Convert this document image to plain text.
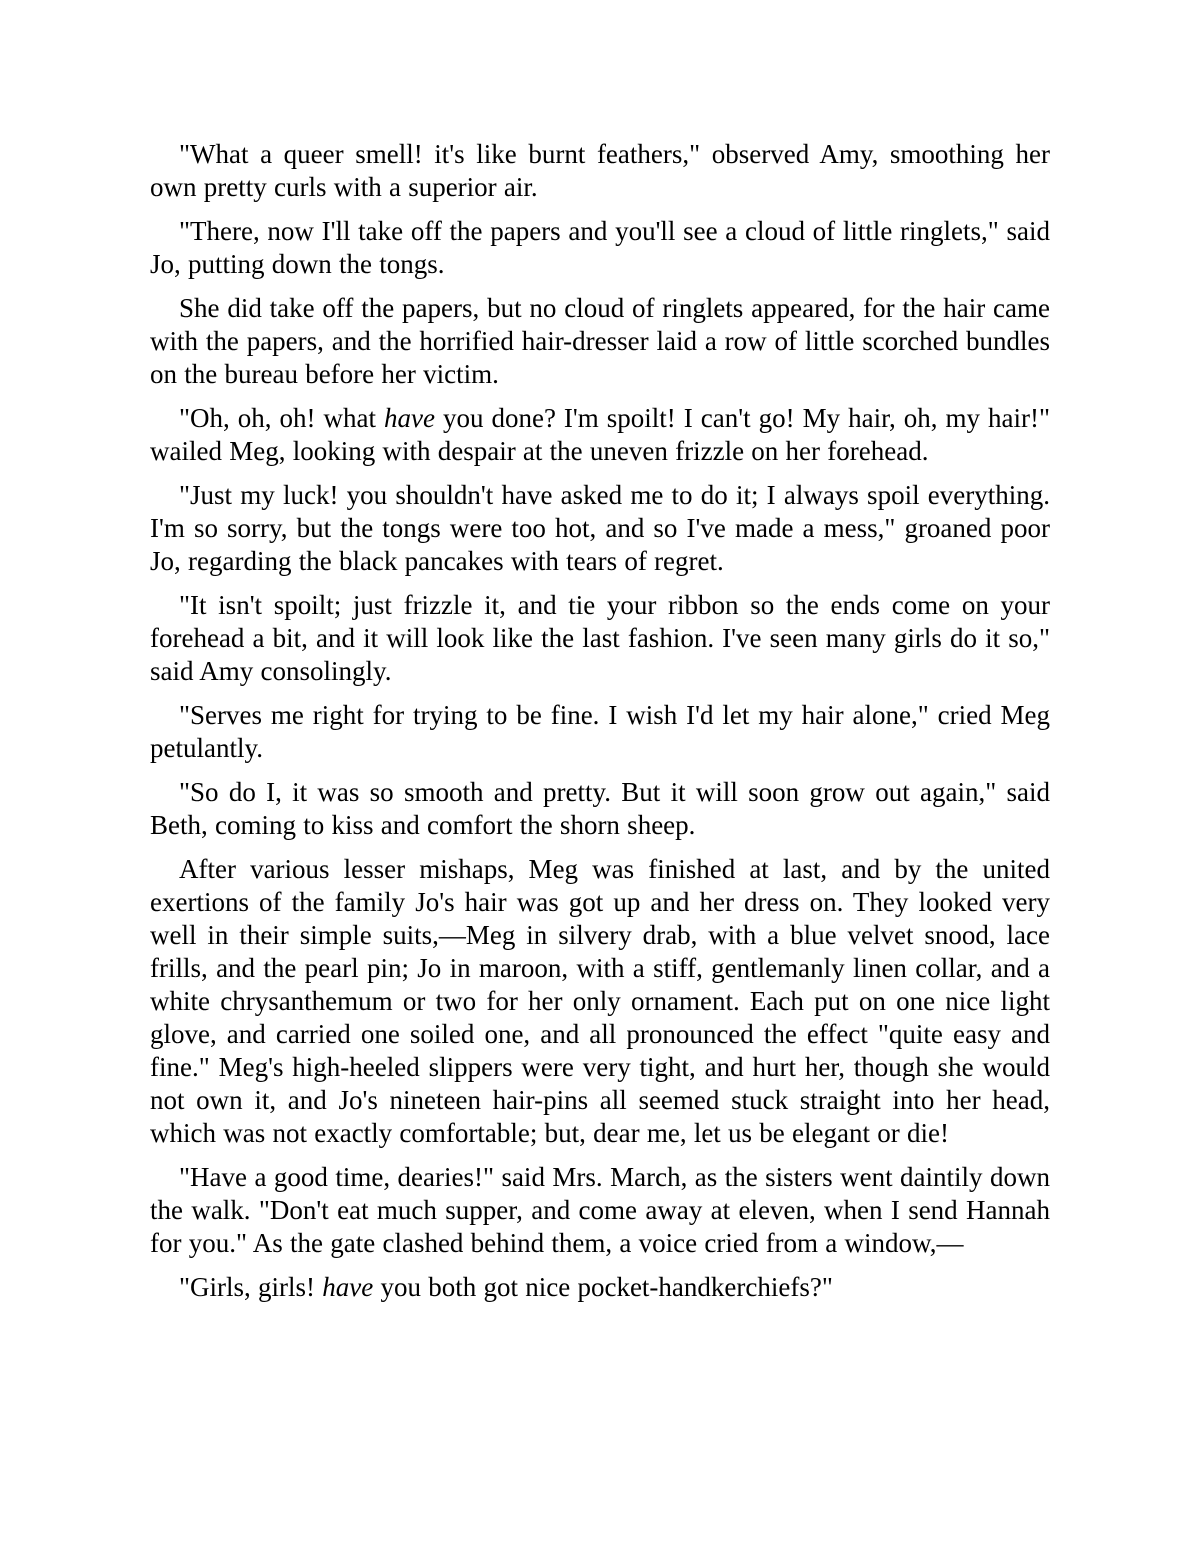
"What a queer smell! it's like burnt feathers," observed Amy, smoothing her own pretty curls with a superior air.

"There, now I'll take off the papers and you'll see a cloud of little ringlets," said Jo, putting down the tongs.

She did take off the papers, but no cloud of ringlets appeared, for the hair came with the papers, and the horrified hair-dresser laid a row of little scorched bundles on the bureau before her victim.

"Oh, oh, oh! what have you done? I'm spoilt! I can't go! My hair, oh, my hair!" wailed Meg, looking with despair at the uneven frizzle on her forehead.

"Just my luck! you shouldn't have asked me to do it; I always spoil everything. I'm so sorry, but the tongs were too hot, and so I've made a mess," groaned poor Jo, regarding the black pancakes with tears of regret.

"It isn't spoilt; just frizzle it, and tie your ribbon so the ends come on your forehead a bit, and it will look like the last fashion. I've seen many girls do it so," said Amy consolingly.

"Serves me right for trying to be fine. I wish I'd let my hair alone," cried Meg petulantly.

"So do I, it was so smooth and pretty. But it will soon grow out again," said Beth, coming to kiss and comfort the shorn sheep.

After various lesser mishaps, Meg was finished at last, and by the united exertions of the family Jo's hair was got up and her dress on. They looked very well in their simple suits,—Meg in silvery drab, with a blue velvet snood, lace frills, and the pearl pin; Jo in maroon, with a stiff, gentlemanly linen collar, and a white chrysanthemum or two for her only ornament. Each put on one nice light glove, and carried one soiled one, and all pronounced the effect "quite easy and fine." Meg's high-heeled slippers were very tight, and hurt her, though she would not own it, and Jo's nineteen hair-pins all seemed stuck straight into her head, which was not exactly comfortable; but, dear me, let us be elegant or die!

"Have a good time, dearies!" said Mrs. March, as the sisters went daintily down the walk. "Don't eat much supper, and come away at eleven, when I send Hannah for you." As the gate clashed behind them, a voice cried from a window,—

"Girls, girls! have you both got nice pocket-handkerchiefs?"
